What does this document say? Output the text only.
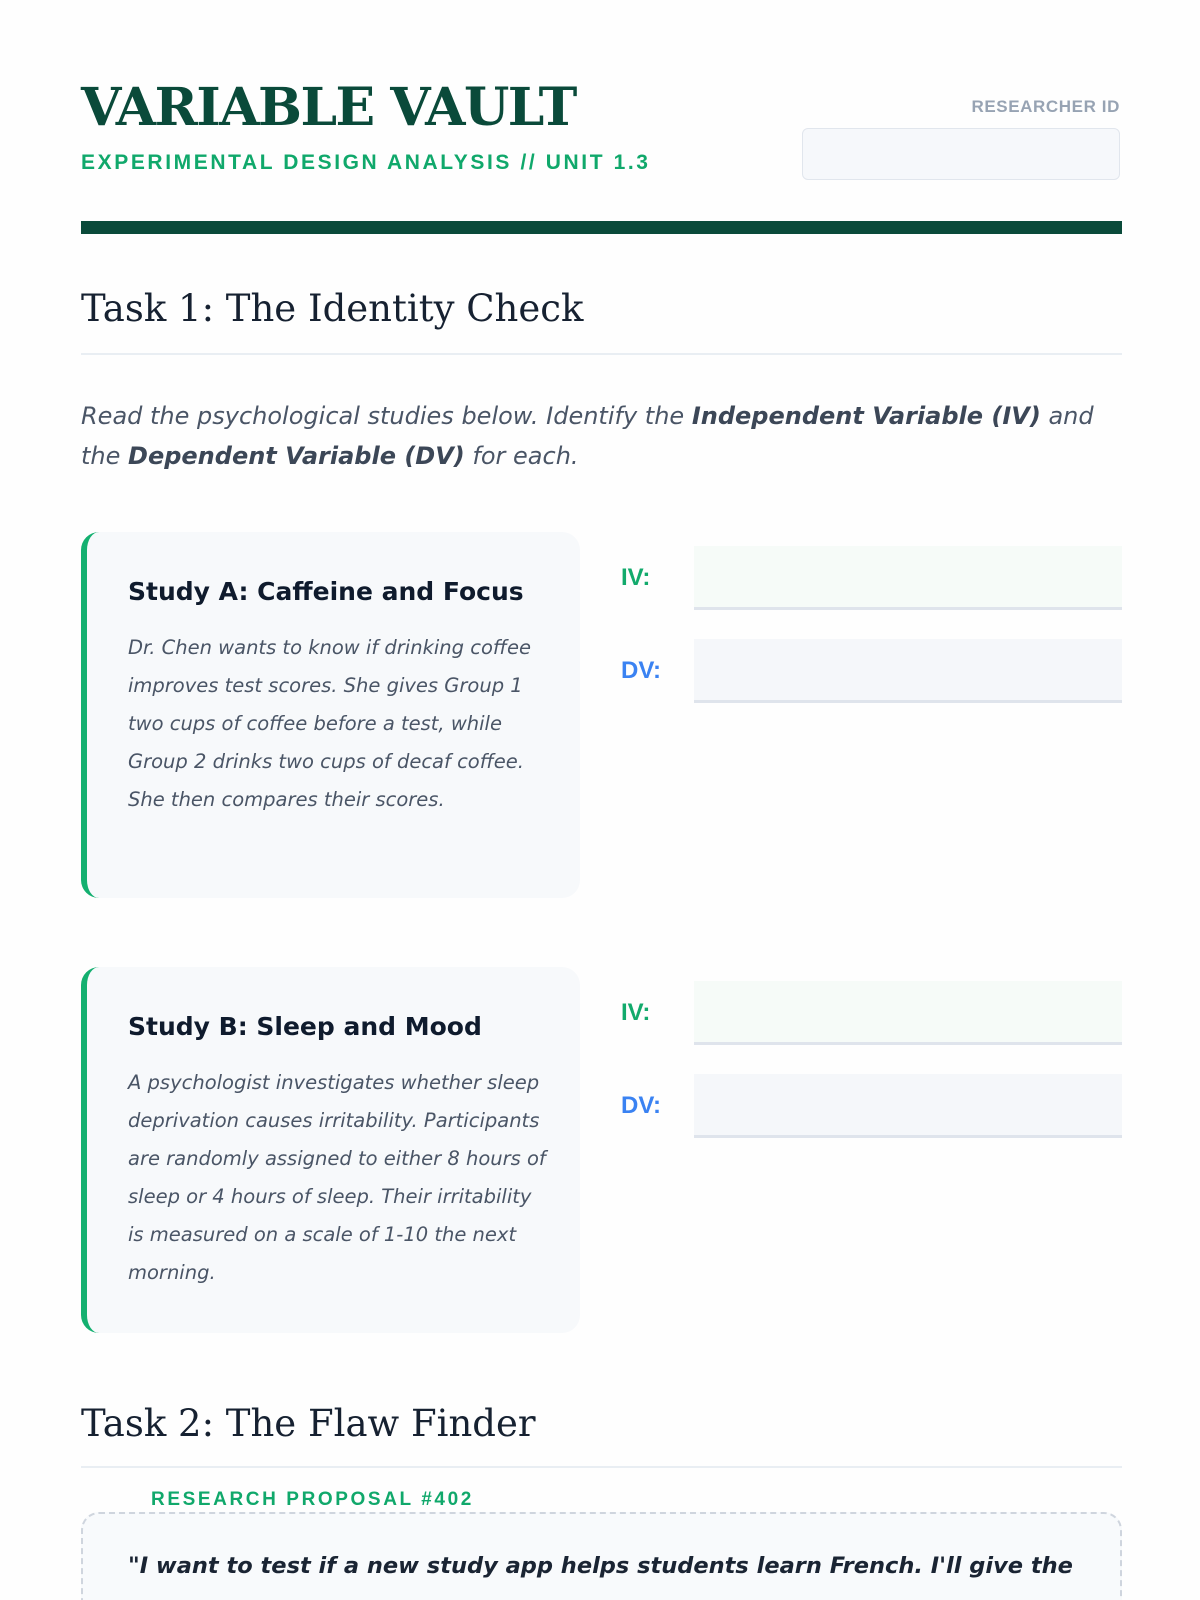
VARIABLE VAULT
EXPERIMENTAL DESIGN ANALYSIS // UNIT 1.3
RESEARCHER ID
Task 1: The Identity Check
Read the psychological studies below. Identify the Independent Variable (IV) and the Dependent Variable (DV) for each.
Study A: Caffeine and Focus
Dr. Chen wants to know if drinking coffee improves test scores. She gives Group 1 two cups of coffee before a test, while Group 2 drinks two cups of decaf coffee. She then compares their scores.
IV:
DV:
Study B: Sleep and Mood
A psychologist investigates whether sleep deprivation causes irritability. Participants are randomly assigned to either 8 hours of sleep or 4 hours of sleep. Their irritability is measured on a scale of 1-10 the next morning.
IV:
DV:
Task 2: The Flaw Finder
RESEARCH PROPOSAL #402
"I want to test if a new study app helps students learn French. I'll give the
